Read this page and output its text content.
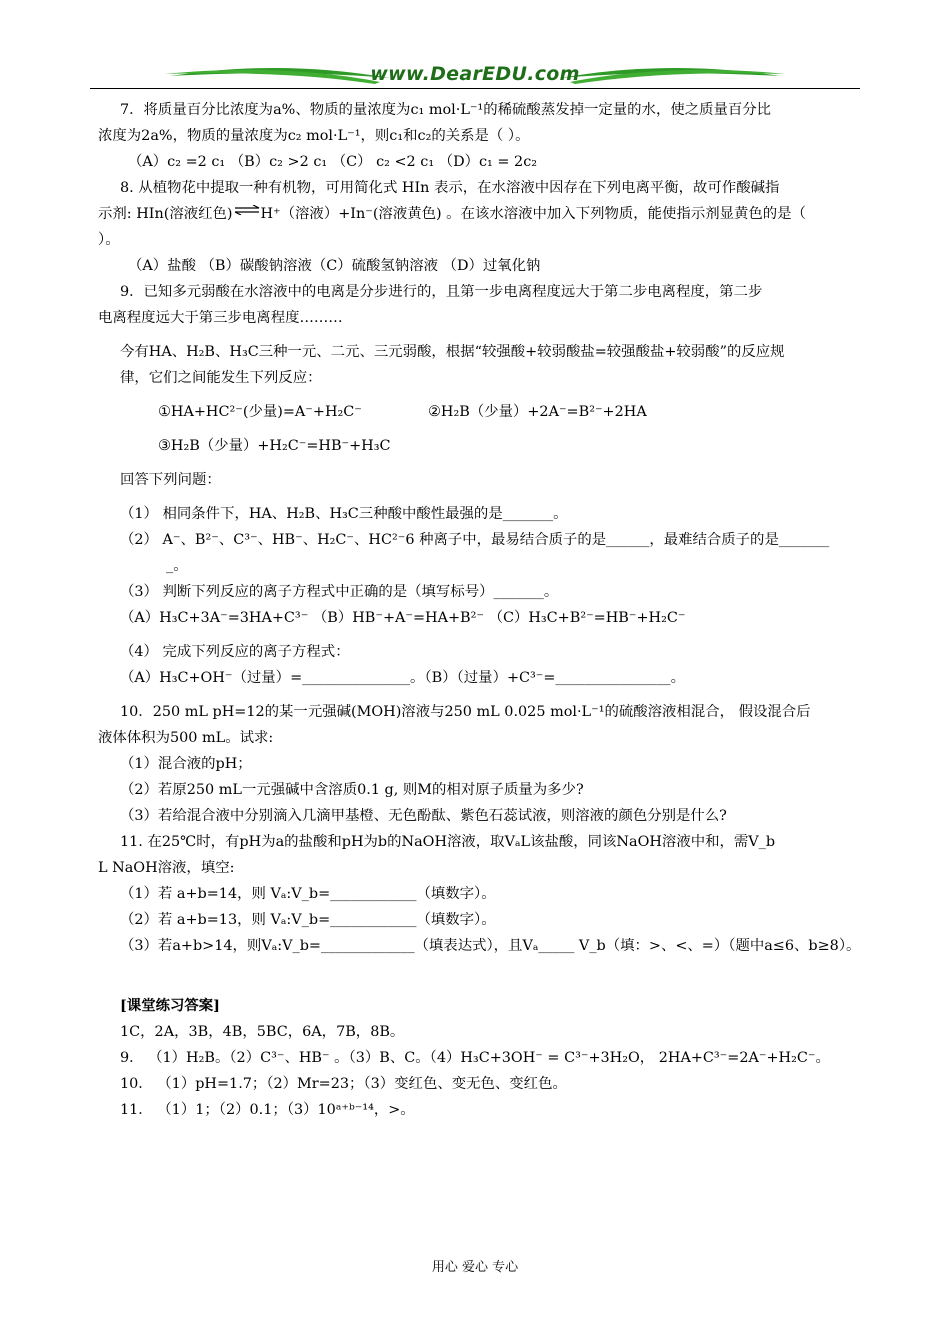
www.DearEDU.com

7．将质量百分比浓度为a%、物质的量浓度为c₁ mol·L⁻¹的稀硫酸蒸发掉一定量的水，使之质量百分比

浓度为2a%，物质的量浓度为c₂ mol·L⁻¹，则c₁和c₂的关系是（ ）。

（A）c₂ =2 c₁ （B）c₂ >2 c₁ （C） c₂ <2 c₁ （D）c₁ = 2c₂

8. 从植物花中提取一种有机物，可用简化式 HIn 表示，在水溶液中因存在下列电离平衡，故可作酸碱指

示剂: HIn(溶液红色)⇌H⁺（溶液）+In⁻(溶液黄色) 。在该水溶液中加入下列物质，能使指示剂显黄色的是（

）。

（A）盐酸 （B）碳酸钠溶液（C）硫酸氢钠溶液 （D）过氧化钠

9．已知多元弱酸在水溶液中的电离是分步进行的，且第一步电离程度远大于第二步电离程度，第二步

电离程度远大于第三步电离程度………

今有HA、H₂B、H₃C三种一元、二元、三元弱酸，根据“较强酸+较弱酸盐=较强酸盐+较弱酸”的反应规

律，它们之间能发生下列反应：

①HA+HC²⁻(少量)=A⁻+H₂C⁻	②H₂B（少量）+2A⁻=B²⁻+2HA

③H₂B（少量）+H₂C⁻=HB⁻+H₃C

回答下列问题：

（1） 相同条件下，HA、H₂B、H₃C三种酸中酸性最强的是_______。

（2） A⁻、B²⁻、C³⁻、HB⁻、H₂C⁻、HC²⁻6 种离子中，最易结合质子的是______，最难结合质子的是_______

_。

（3） 判断下列反应的离子方程式中正确的是（填写标号）_______。

（A）H₃C+3A⁻=3HA+C³⁻ （B）HB⁻+A⁻=HA+B²⁻ （C）H₃C+B²⁻=HB⁻+H₂C⁻

（4） 完成下列反应的离子方程式：

（A）H₃C+OH⁻（过量）=_______________。（B）（过量）+C³⁻=________________。

10．250 mL pH=12的某一元强碱(MOH)溶液与250 mL 0.025 mol·L⁻¹的硫酸溶液相混合， 假设混合后

液体体积为500 mL。试求:

（1）混合液的pH；

（2）若原250 mL一元强碱中含溶质0.1 g, 则M的相对原子质量为多少?

（3）若给混合液中分别滴入几滴甲基橙、无色酚酞、紫色石蕊试液，则溶液的颜色分别是什么?

11. 在25℃时，有pH为a的盐酸和pH为b的NaOH溶液，取VₐL该盐酸，同该NaOH溶液中和，需V_b

L NaOH溶液，填空:

（1）若 a+b=14，则 Vₐ:V_b=____________（填数字）。

（2）若 a+b=13，则 Vₐ:V_b=____________（填数字）。

（3）若a+b>14，则Vₐ:V_b=_____________（填表达式），且Vₐ_____ V_b（填：>、<、=）（题中a≤6、b≥8）。

[课堂练习答案]

1C，2A，3B，4B，5BC，6A，7B，8B。

9． （1）H₂B。（2）C³⁻、HB⁻ 。（3）B、C。（4）H₃C+3OH⁻ = C³⁻+3H₂O， 2HA+C³⁻=2A⁻+H₂C⁻。

10． （1）pH=1.7；（2）Mr=23；（3）变红色、变无色、变红色。

11． （1）1；（2）0.1；（3）10ᵃ⁺ᵇ⁻¹⁴，>。

用心 爱心 专心
